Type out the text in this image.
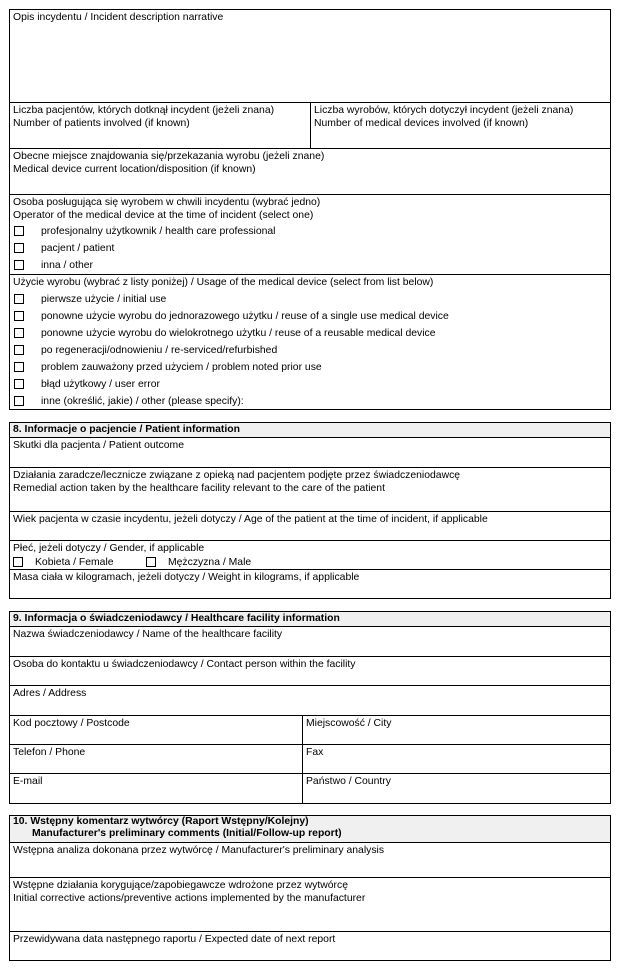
Opis incydentu / Incident description narrative
Liczba pacjentów, których dotknął incydent (jeżeli znana)
Number of patients involved (if known)
Liczba wyrobów, których dotyczył incydent (jeżeli znana)
Number of medical devices involved (if known)
Obecne miejsce znajdowania się/przekazania wyrobu (jeżeli znane)
Medical device current location/disposition (if known)
Osoba posługująca się wyrobem w chwili incydentu (wybrać jedno)
Operator of the medical device at the time of incident (select one)
profesjonalny użytkownik / health care professional
pacjent / patient
inna / other
Użycie wyrobu (wybrać z listy poniżej) / Usage of the medical device (select from list below)
pierwsze użycie / initial use
ponowne użycie wyrobu do jednorazowego użytku / reuse of a single use medical device
ponowne użycie wyrobu do wielokrotnego użytku / reuse of a reusable medical device
po regeneracji/odnowieniu / re-serviced/refurbished
problem zauważony przed użyciem / problem noted prior use
błąd użytkowy / user error
inne (określić, jakie) / other (please specify):
8. Informacje o pacjencie / Patient information
Skutki dla pacjenta / Patient outcome
Działania zaradcze/lecznicze związane z opieką nad pacjentem podjęte przez świadczeniodawcę
Remedial action taken by the healthcare facility relevant to the care of the patient
Wiek pacjenta w czasie incydentu, jeżeli dotyczy / Age of the patient at the time of incident, if applicable
Płeć, jeżeli dotyczy / Gender, if applicable
Kobieta / Female	Mężczyzna / Male
Masa ciała w kilogramach, jeżeli dotyczy / Weight in kilograms, if applicable
9. Informacja o świadczeniodawcy / Healthcare facility information
Nazwa świadczeniodawcy / Name of the healthcare facility
Osoba do kontaktu u świadczeniodawcy / Contact person within the facility
Adres / Address
Kod pocztowy / Postcode	Miejscowość / City
Telefon / Phone	Fax
E-mail	Państwo / Country
10. Wstępny komentarz wytwórcy (Raport Wstępny/Kolejny)
Manufacturer's preliminary comments (Initial/Follow-up report)
Wstępna analiza dokonana przez wytwórcę / Manufacturer's preliminary analysis
Wstępne działania korygujące/zapobiegawcze wdrożone przez wytwórcę
Initial corrective actions/preventive actions implemented by the manufacturer
Przewidywana data następnego raportu / Expected date of next report
